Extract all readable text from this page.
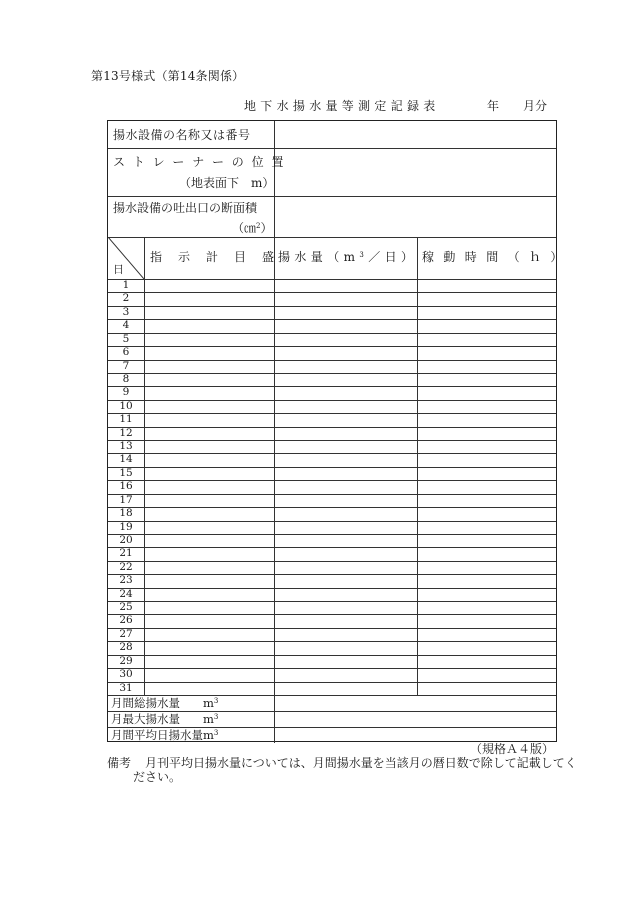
第13号様式（第14条関係）
地下水揚水量等測定記録表	年 月分
揚水設備の名称又は番号
ストレーナーの位置
（地表面下　m）
揚水設備の吐出口の断面積
（㎝$^2$）
日
指　示　計　目　盛 揚水量（$m^3/$日） 稼動時間（ｈ）
1
2
3
4
5
6
7
8
9
10
11
12
13
14
15
16
17
18
19
20
21
22
23
24
25
26
27
28
29
30
31
月間総揚水量 $m^3$
月最大揚水量 $m^3$
月間平均日揚水量$m^3$
（規格Ａ４版）
備考 月刊平均日揚水量については、月間揚水量を当該月の暦日数で除して記載してく
ださい。
